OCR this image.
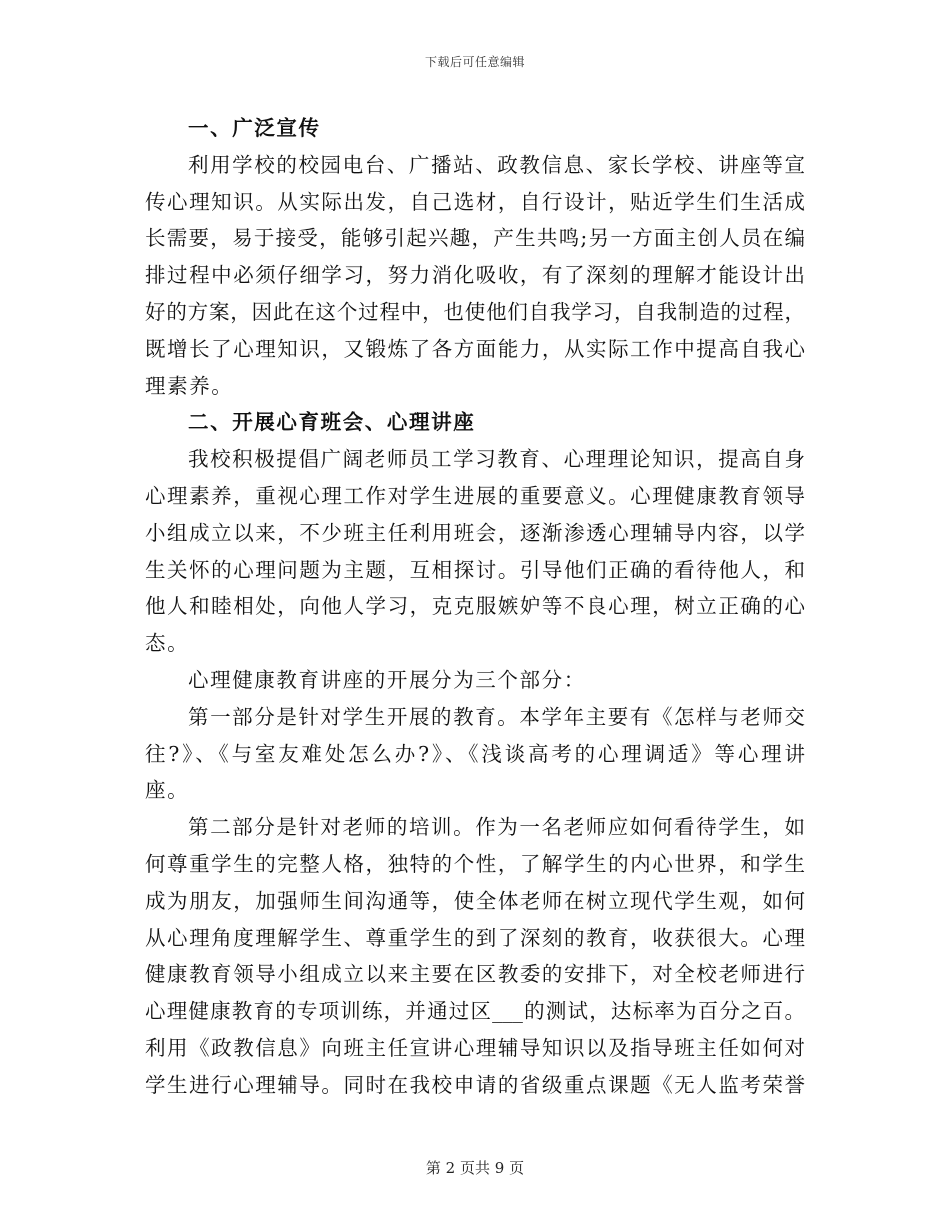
下载后可任意编辑
一、广泛宣传
利用学校的校园电台、广播站、政教信息、家长学校、讲座等宣
传心理知识。从实际出发，自己选材，自行设计，贴近学生们生活成
长需要，易于接受，能够引起兴趣，产生共鸣;另一方面主创人员在编
排过程中必须仔细学习，努力消化吸收，有了深刻的理解才能设计出
好的方案，因此在这个过程中，也使他们自我学习，自我制造的过程，
既增长了心理知识，又锻炼了各方面能力，从实际工作中提高自我心
理素养。
二、开展心育班会、心理讲座
我校积极提倡广阔老师员工学习教育、心理理论知识，提高自身
心理素养，重视心理工作对学生进展的重要意义。心理健康教育领导
小组成立以来，不少班主任利用班会，逐渐渗透心理辅导内容，以学
生关怀的心理问题为主题，互相探讨。引导他们正确的看待他人，和
他人和睦相处，向他人学习，克克服嫉妒等不良心理，树立正确的心
态。
心理健康教育讲座的开展分为三个部分：
第一部分是针对学生开展的教育。本学年主要有《怎样与老师交
往?》、《与室友难处怎么办?》、《浅谈高考的心理调适》等心理讲
座。
第二部分是针对老师的培训。作为一名老师应如何看待学生，如
何尊重学生的完整人格，独特的个性，了解学生的内心世界，和学生
成为朋友，加强师生间沟通等，使全体老师在树立现代学生观，如何
从心理角度理解学生、尊重学生的到了深刻的教育，收获很大。心理
健康教育领导小组成立以来主要在区教委的安排下，对全校老师进行
心理健康教育的专项训练，并通过区___的测试，达标率为百分之百。
利用《政教信息》向班主任宣讲心理辅导知识以及指导班主任如何对
学生进行心理辅导。同时在我校申请的省级重点课题《无人监考荣誉
第 2 页共 9 页
